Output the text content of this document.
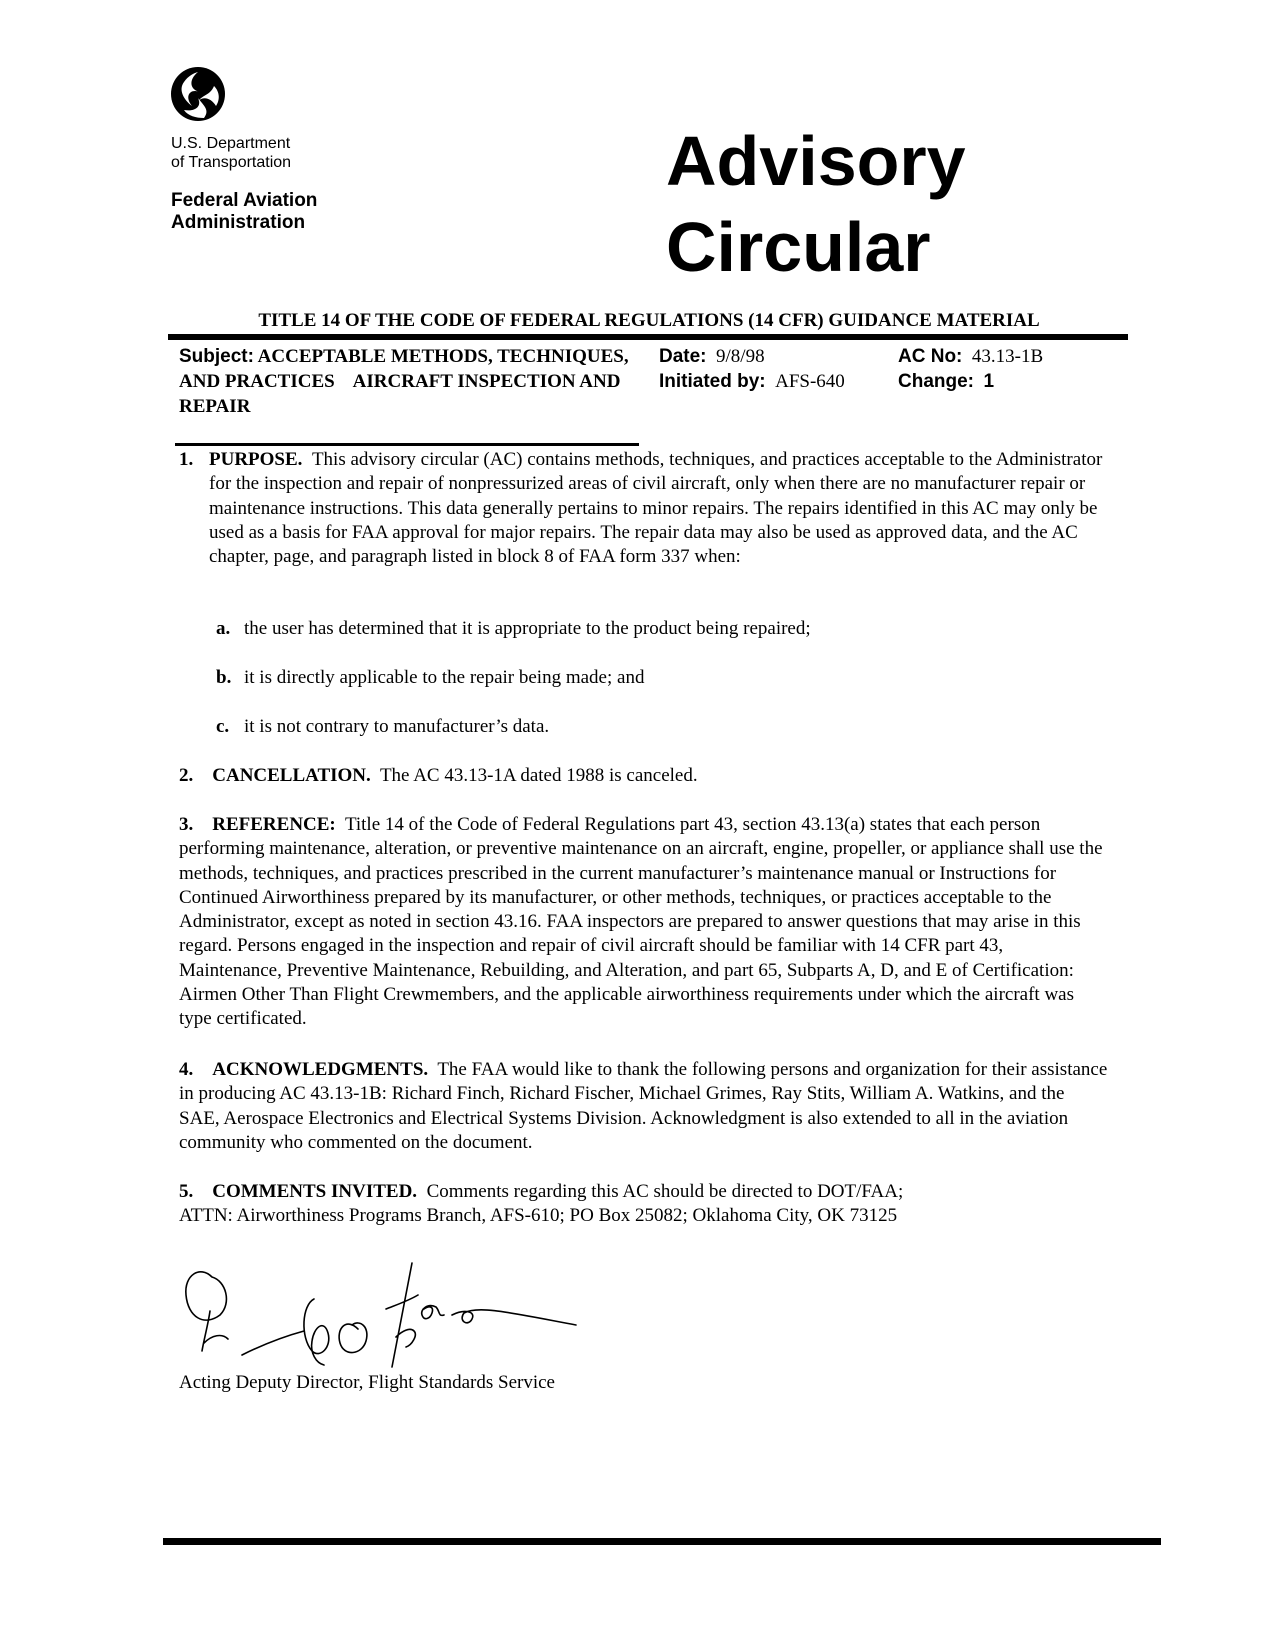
U.S. Department
of Transportation
Federal Aviation
Administration
Advisory
Circular
TITLE 14 OF THE CODE OF FEDERAL REGULATIONS (14 CFR) GUIDANCE MATERIAL
Subject: ACCEPTABLE METHODS, TECHNIQUES, AND PRACTICES    AIRCRAFT INSPECTION AND REPAIR
Date: 9/8/98
Initiated by: AFS-640
AC No: 43.13-1B
Change: 1
1. PURPOSE. This advisory circular (AC) contains methods, techniques, and practices acceptable to the Administrator for the inspection and repair of nonpressurized areas of civil aircraft, only when there are no manufacturer repair or maintenance instructions. This data generally pertains to minor repairs. The repairs identified in this AC may only be used as a basis for FAA approval for major repairs. The repair data may also be used as approved data, and the AC chapter, page, and paragraph listed in block 8 of FAA form 337 when:
a. the user has determined that it is appropriate to the product being repaired;
b. it is directly applicable to the repair being made; and
c. it is not contrary to manufacturer’s data.
2. CANCELLATION. The AC 43.13-1A dated 1988 is canceled.
3. REFERENCE: Title 14 of the Code of Federal Regulations part 43, section 43.13(a) states that each person performing maintenance, alteration, or preventive maintenance on an aircraft, engine, propeller, or appliance shall use the methods, techniques, and practices prescribed in the current manufacturer’s maintenance manual or Instructions for Continued Airworthiness prepared by its manufacturer, or other methods, techniques, or practices acceptable to the Administrator, except as noted in section 43.16. FAA inspectors are prepared to answer questions that may arise in this regard. Persons engaged in the inspection and repair of civil aircraft should be familiar with 14 CFR part 43, Maintenance, Preventive Maintenance, Rebuilding, and Alteration, and part 65, Subparts A, D, and E of Certification: Airmen Other Than Flight Crewmembers, and the applicable airworthiness requirements under which the aircraft was type certificated.
4. ACKNOWLEDGMENTS. The FAA would like to thank the following persons and organization for their assistance in producing AC 43.13-1B: Richard Finch, Richard Fischer, Michael Grimes, Ray Stits, William A. Watkins, and the SAE, Aerospace Electronics and Electrical Systems Division. Acknowledgment is also extended to all in the aviation community who commented on the document.
5. COMMENTS INVITED. Comments regarding this AC should be directed to DOT/FAA;
ATTN: Airworthiness Programs Branch, AFS-610; PO Box 25082; Oklahoma City, OK 73125
Acting Deputy Director, Flight Standards Service
